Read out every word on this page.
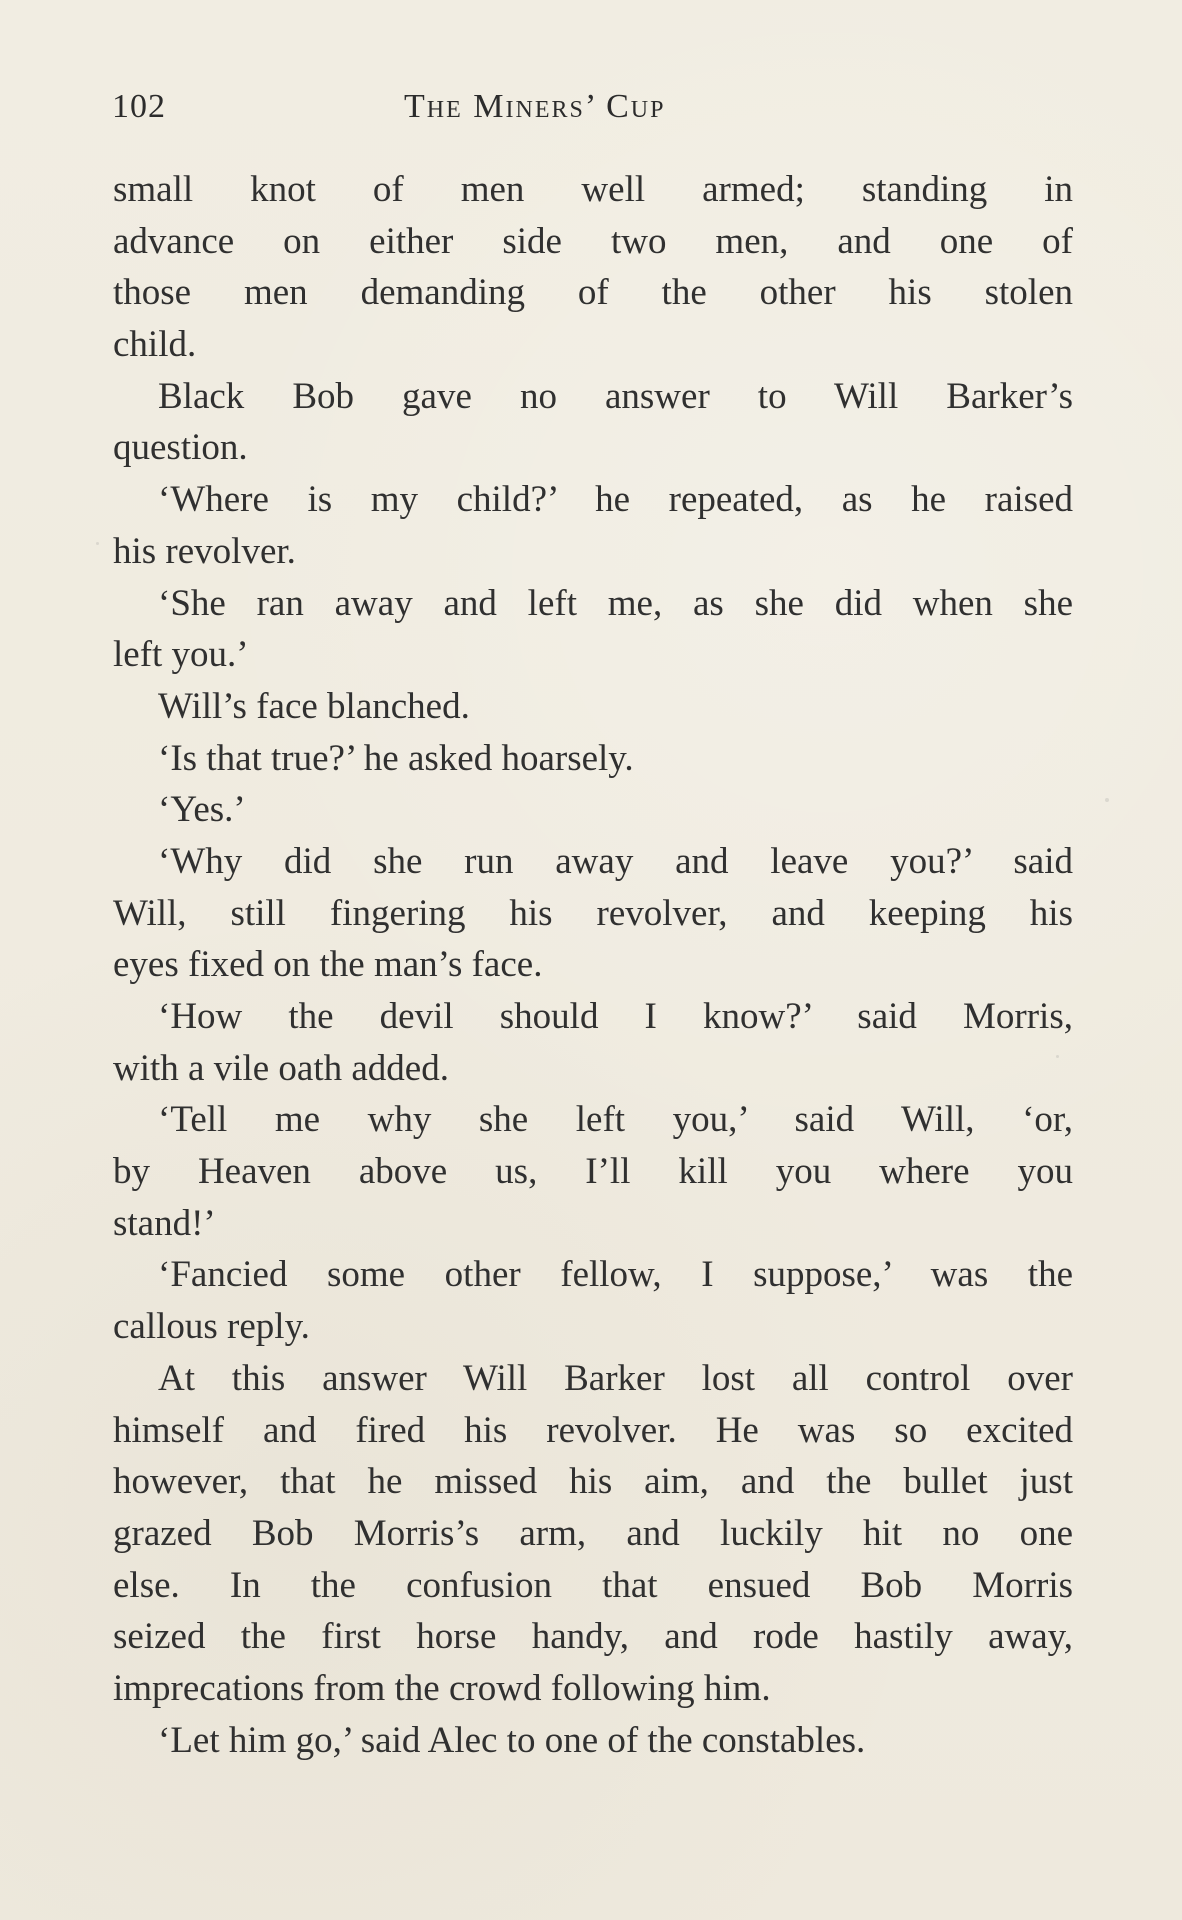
102	The Miners’ Cup
small knot of men well armed; standing in
advance on either side two men, and one of
those men demanding of the other his stolen
child.
Black Bob gave no answer to Will Barker’s
question.
‘Where is my child?’ he repeated, as he raised
his revolver.
‘She ran away and left me, as she did when she
left you.’
Will’s face blanched.
‘Is that true?’ he asked hoarsely.
‘Yes.’
‘Why did she run away and leave you?’ said
Will, still fingering his revolver, and keeping his
eyes fixed on the man’s face.
‘How the devil should I know?’ said Morris,
with a vile oath added.
‘Tell me why she left you,’ said Will, ‘or,
by Heaven above us, I’ll kill you where you
stand!’
‘Fancied some other fellow, I suppose,’ was the
callous reply.
At this answer Will Barker lost all control over
himself and fired his revolver. He was so excited
however, that he missed his aim, and the bullet just
grazed Bob Morris’s arm, and luckily hit no one
else. In the confusion that ensued Bob Morris
seized the first horse handy, and rode hastily away,
imprecations from the crowd following him.
‘Let him go,’ said Alec to one of the constables.
